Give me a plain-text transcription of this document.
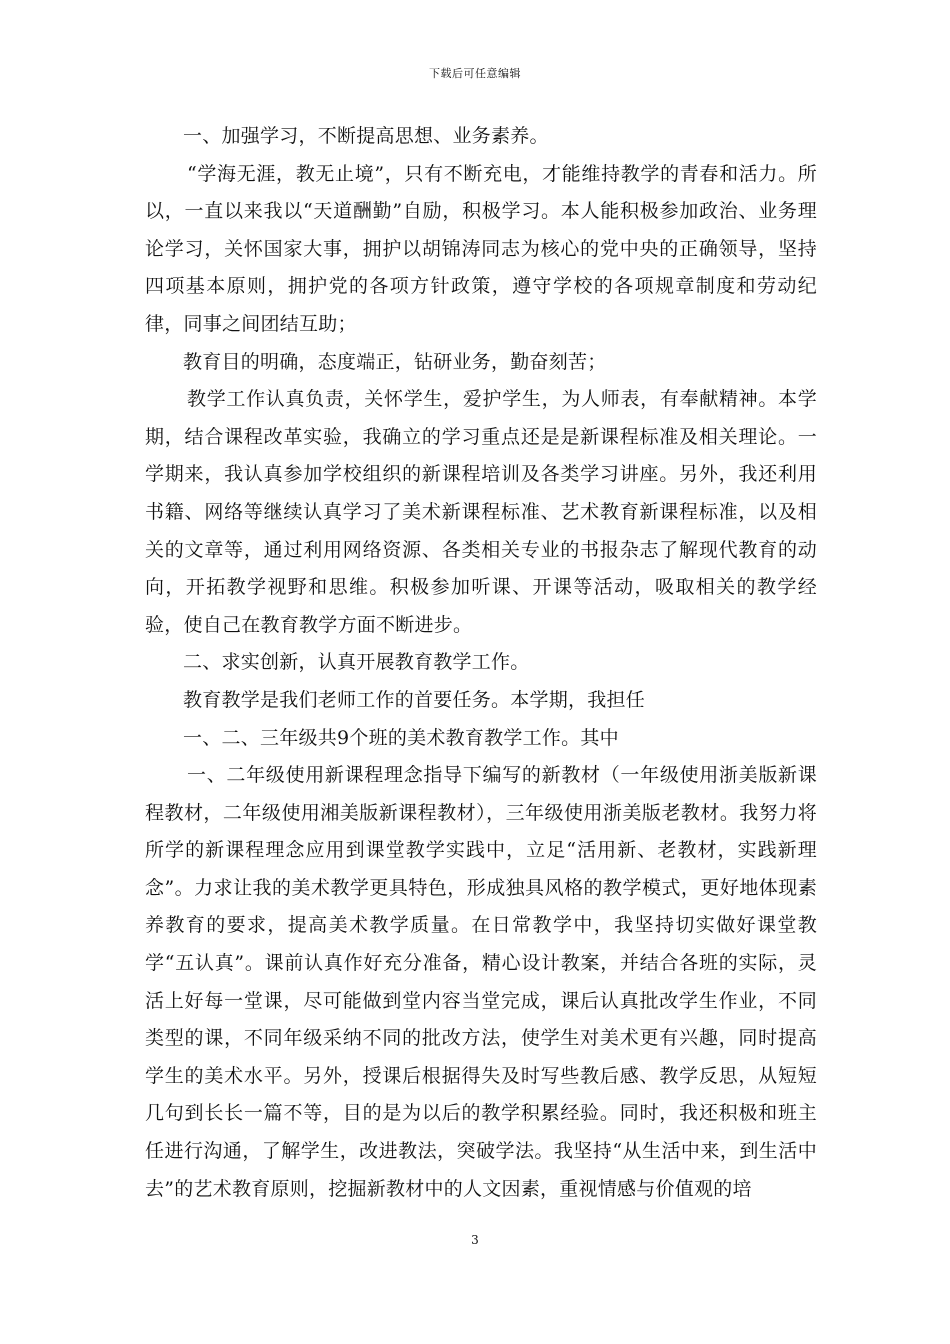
下载后可任意编辑

一、加强学习，不断提高思想、业务素养。

“学海无涯，教无止境”，只有不断充电，才能维持教学的青春和活力。所以，一直以来我以“天道酬勤”自励，积极学习。本人能积极参加政治、业务理论学习，关怀国家大事，拥护以胡锦涛同志为核心的党中央的正确领导，坚持四项基本原则，拥护党的各项方针政策，遵守学校的各项规章制度和劳动纪律，同事之间团结互助；

教育目的明确，态度端正，钻研业务，勤奋刻苦；

教学工作认真负责，关怀学生，爱护学生，为人师表，有奉献精神。本学期，结合课程改革实验，我确立的学习重点还是是新课程标准及相关理论。一学期来，我认真参加学校组织的新课程培训及各类学习讲座。另外，我还利用书籍、网络等继续认真学习了美术新课程标准、艺术教育新课程标准，以及相关的文章等，通过利用网络资源、各类相关专业的书报杂志了解现代教育的动向，开拓教学视野和思维。积极参加听课、开课等活动，吸取相关的教学经验，使自己在教育教学方面不断进步。

二、求实创新，认真开展教育教学工作。

教育教学是我们老师工作的首要任务。本学期，我担任

一、二、三年级共9个班的美术教育教学工作。其中

一、二年级使用新课程理念指导下编写的新教材（一年级使用浙美版新课程教材，二年级使用湘美版新课程教材），三年级使用浙美版老教材。我努力将所学的新课程理念应用到课堂教学实践中，立足“活用新、老教材，实践新理念”。力求让我的美术教学更具特色，形成独具风格的教学模式，更好地体现素养教育的要求，提高美术教学质量。在日常教学中，我坚持切实做好课堂教学“五认真”。课前认真作好充分准备，精心设计教案，并结合各班的实际，灵活上好每一堂课，尽可能做到堂内容当堂完成，课后认真批改学生作业，不同类型的课，不同年级采纳不同的批改方法，使学生对美术更有兴趣，同时提高学生的美术水平。另外，授课后根据得失及时写些教后感、教学反思，从短短几句到长长一篇不等，目的是为以后的教学积累经验。同时，我还积极和班主任进行沟通，了解学生，改进教法，突破学法。我坚持“从生活中来，到生活中去”的艺术教育原则，挖掘新教材中的人文因素，重视情感与价值观的培

3
